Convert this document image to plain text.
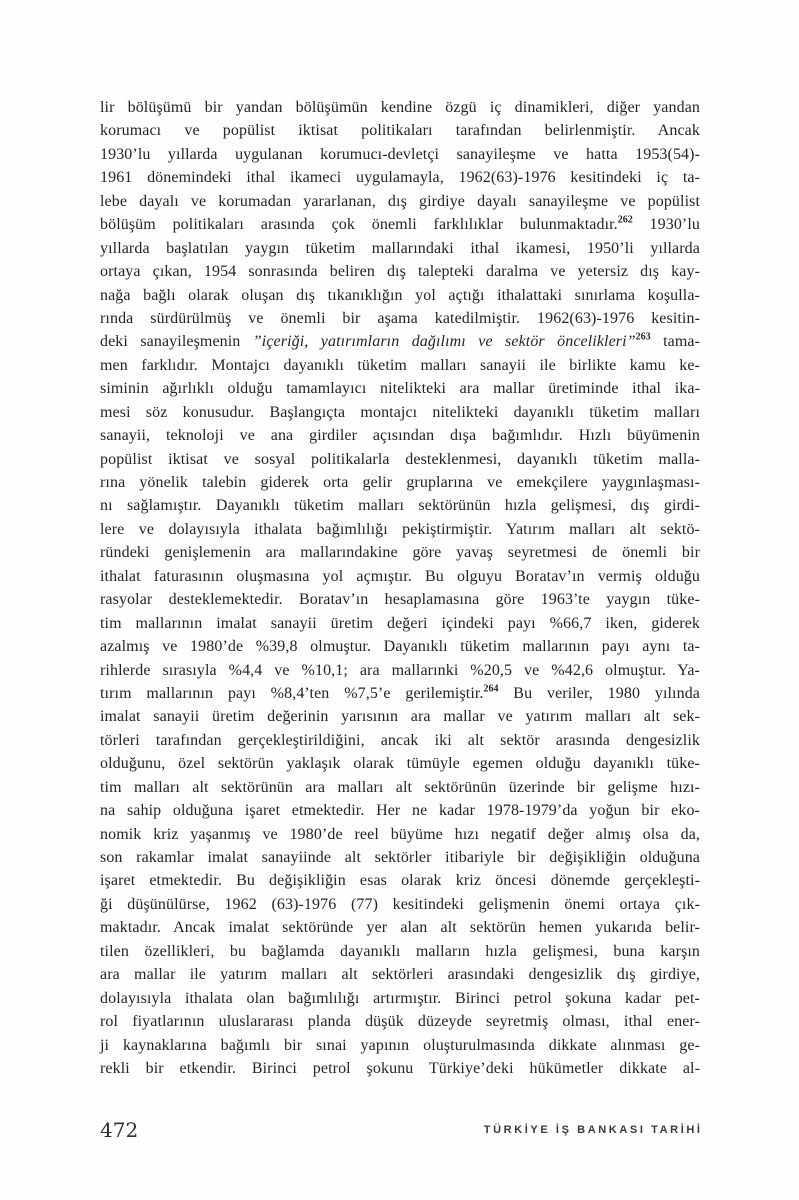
lir bölüşümü bir yandan bölüşümün kendine özgü iç dinamikleri, diğer yandan
korumacı ve popülist iktisat politikaları tarafından belirlenmiştir. Ancak
1930’lu yıllarda uygulanan korumucı-devletçi sanayileşme ve hatta 1953(54)-
1961 dönemindeki ithal ikameci uygulamayla, 1962(63)-1976 kesitindeki iç ta-
lebe dayalı ve korumadan yararlanan, dış girdiye dayalı sanayileşme ve popülist
bölüşüm politikaları arasında çok önemli farklılıklar bulunmaktadır.$^{262}$ 1930’lu
yıllarda başlatılan yaygın tüketim mallarındaki ithal ikamesi, 1950’li yıllarda
ortaya çıkan, 1954 sonrasında beliren dış talepteki daralma ve yetersiz dış kay-
nağa bağlı olarak oluşan dış tıkanıklığın yol açtığı ithalattaki sınırlama koşulla-
rında sürdürülmüş ve önemli bir aşama katedilmiştir. 1962(63)-1976 kesitin-
deki sanayileşmenin ”içeriği, yatırımların dağılımı ve sektör öncelikleri”$^{263}$ tama-
men farklıdır. Montajcı dayanıklı tüketim malları sanayii ile birlikte kamu ke-
siminin ağırlıklı olduğu tamamlayıcı nitelikteki ara mallar üretiminde ithal ika-
mesi söz konusudur. Başlangıçta montajcı nitelikteki dayanıklı tüketim malları
sanayii, teknoloji ve ana girdiler açısından dışa bağımlıdır. Hızlı büyümenin
popülist iktisat ve sosyal politikalarla desteklenmesi, dayanıklı tüketim malla-
rına yönelik talebin giderek orta gelir gruplarına ve emekçilere yaygınlaşması-
nı sağlamıştır. Dayanıklı tüketim malları sektörünün hızla gelişmesi, dış girdi-
lere ve dolayısıyla ithalata bağımlılığı pekiştirmiştir. Yatırım malları alt sektö-
ründeki genişlemenin ara mallarındakine göre yavaş seyretmesi de önemli bir
ithalat faturasının oluşmasına yol açmıştır. Bu olguyu Boratav’ın vermiş olduğu
rasyolar desteklemektedir. Boratav’ın hesaplamasına göre 1963’te yaygın tüke-
tim mallarının imalat sanayii üretim değeri içindeki payı %66,7 iken, giderek
azalmış ve 1980’de %39,8 olmuştur. Dayanıklı tüketim mallarının payı aynı ta-
rihlerde sırasıyla %4,4 ve %10,1; ara mallarınki %20,5 ve %42,6 olmuştur. Ya-
tırım mallarının payı %8,4’ten %7,5’e gerilemiştir.$^{264}$ Bu veriler, 1980 yılında
imalat sanayii üretim değerinin yarısının ara mallar ve yatırım malları alt sek-
törleri tarafından gerçekleştirildiğini, ancak iki alt sektör arasında dengesizlik
olduğunu, özel sektörün yaklaşık olarak tümüyle egemen olduğu dayanıklı tüke-
tim malları alt sektörünün ara malları alt sektörünün üzerinde bir gelişme hızı-
na sahip olduğuna işaret etmektedir. Her ne kadar 1978-1979’da yoğun bir eko-
nomik kriz yaşanmış ve 1980’de reel büyüme hızı negatif değer almış olsa da,
son rakamlar imalat sanayiinde alt sektörler itibariyle bir değişikliğin olduğuna
işaret etmektedir. Bu değişikliğin esas olarak kriz öncesi dönemde gerçekleşti-
ği düşünülürse, 1962 (63)-1976 (77) kesitindeki gelişmenin önemi ortaya çık-
maktadır. Ancak imalat sektöründe yer alan alt sektörün hemen yukarıda belir-
tilen özellikleri, bu bağlamda dayanıklı malların hızla gelişmesi, buna karşın
ara mallar ile yatırım malları alt sektörleri arasındaki dengesizlik dış girdiye,
dolayısıyla ithalata olan bağımlılığı artırmıştır. Birinci petrol şokuna kadar pet-
rol fiyatlarının uluslararası planda düşük düzeyde seyretmiş olması, ithal ener-
ji kaynaklarına bağımlı bir sınai yapının oluşturulmasında dikkate alınması ge-
rekli bir etkendir. Birinci petrol şokunu Türkiye’deki hükümetler dikkate al-
472	TÜRKİYE İŞ BANKASI TARİHİ
